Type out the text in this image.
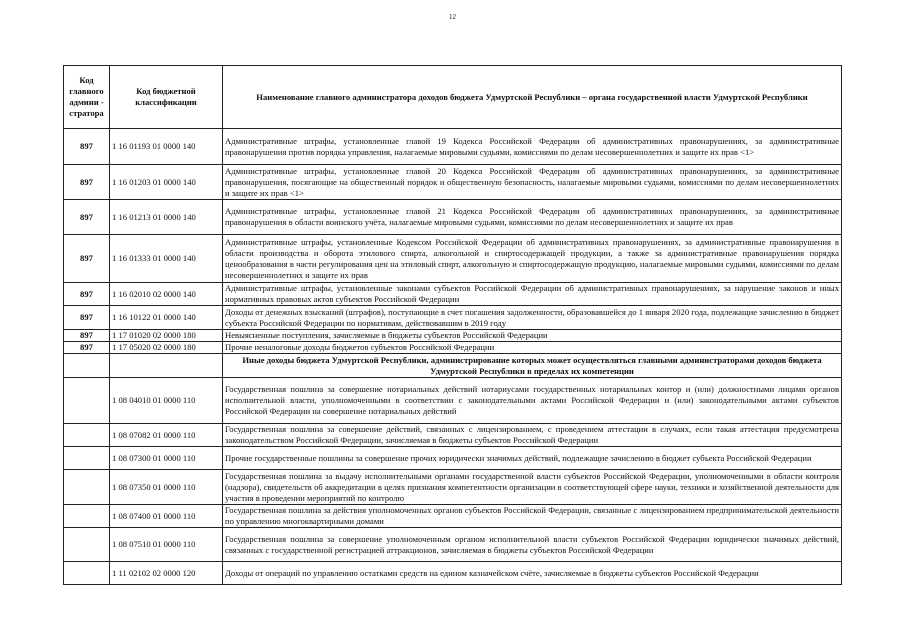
12
Код главного админи - стратора	Код бюджетной классификации	Наименование главного администратора доходов бюджета Удмуртской Республики – органа государственной власти Удмуртской Республики
897	1 16 01193 01 0000 140	Административные штрафы, установленные главой 19 Кодекса Российской Федерации об административных правонарушениях, за административные правонарушения против порядка управления, налагаемые мировыми судьями, комиссиями по делам несовершеннолетних и защите их прав <1>
897	1 16 01203 01 0000 140	Административные штрафы, установленные главой 20 Кодекса Российской Федерации об административных правонарушениях, за административные правонарушения, посягающие на общественный порядок и общественную безопасность, налагаемые мировыми судьями, комиссиями по делам несовершеннолетних и защите их прав <1>
897	1 16 01213 01 0000 140	Административные штрафы, установленные главой 21 Кодекса Российской Федерации об административных правонарушениях, за административные правонарушения в области воинского учёта, налагаемые мировыми судьями, комиссиями по делам несовершеннолетних и защите их прав
897	1 16 01333 01 0000 140	Административные штрафы, установленные Кодексом Российской Федерации об административных правонарушениях, за административные правонарушения в области производства и оборота этилового спирта, алкогольной и спиртосодержащей продукции, а также за административные правонарушения порядка ценообразования в части регулирования цен на этиловый спирт, алкогольную и спиртосодержащую продукцию, налагаемые мировыми судьями, комиссиями по делам несовершеннолетних и защите их прав
897	1 16 02010 02 0000 140	Административные штрафы, установленные законами субъектов Российской Федерации об административных правонарушениях, за нарушение законов и иных нормативных правовых актов субъектов Российской Федерации
897	1 16 10122 01 0000 140	Доходы от денежных взысканий (штрафов), поступающие в счет погашения задолженности, образовавшейся до 1 января 2020 года, подлежащие зачислению в бюджет субъекта Российской Федерации по нормативам, действовавшим в 2019 году
897	1 17 01020 02 0000 180	Невыясненные поступления, зачисляемые в бюджеты субъектов Российской Федерации
897	1 17 05020 02 0000 180	Прочие неналоговые доходы бюджетов субъектов Российской Федерации
		Иные доходы бюджета Удмуртской Республики, администрирование которых может осуществляться главными администраторами доходов бюджета Удмуртской Республики в пределах их компетенции
	1 08 04010 01 0000 110	Государственная пошлина за совершение нотариальных действий нотариусами государственных нотариальных контор и (или) должностными лицами органов исполнительной власти, уполномоченными в соответствии с законодательными актами Российской Федерации и (или) законодательными актами субъектов Российской Федерации на совершение нотариальных действий
	1 08 07082 01 0000 110	Государственная пошлина за совершение действий, связанных с лицензированием, с проведением аттестации в случаях, если такая аттестация предусмотрена законодательством Российской Федерации, зачисляемая в бюджеты субъектов Российской Федерации
	1 08 07300 01 0000 110	Прочие государственные пошлины за совершение прочих юридически значимых действий, подлежащие зачислению в бюджет субъекта Российской Федерации
	1 08 07350 01 0000 110	Государственная пошлина за выдачу исполнительными органами государственной власти субъектов Российской Федерации, уполномоченными в области контроля (надзора), свидетельств об аккредитации в целях признания компетентности организации в соответствующей сфере науки, техники и хозяйственной деятельности для участия в проведении мероприятий по контролю
	1 08 07400 01 0000 110	Государственная пошлина за действия уполномоченных органов субъектов Российской Федерации, связанные с лицензированием предпринимательской деятельности по управлению многоквартирными домами
	1 08 07510 01 0000 110	Государственная пошлина за совершение уполномоченным органом исполнительной власти субъектов Российской Федерации юридически значимых действий, связанных с государственной регистрацией аттракционов, зачисляемая в бюджеты субъектов Российской Федерации
	1 11 02102 02 0000 120	Доходы от операций по управлению остатками средств на едином казначейском счёте, зачисляемые в бюджеты субъектов Российской Федерации
